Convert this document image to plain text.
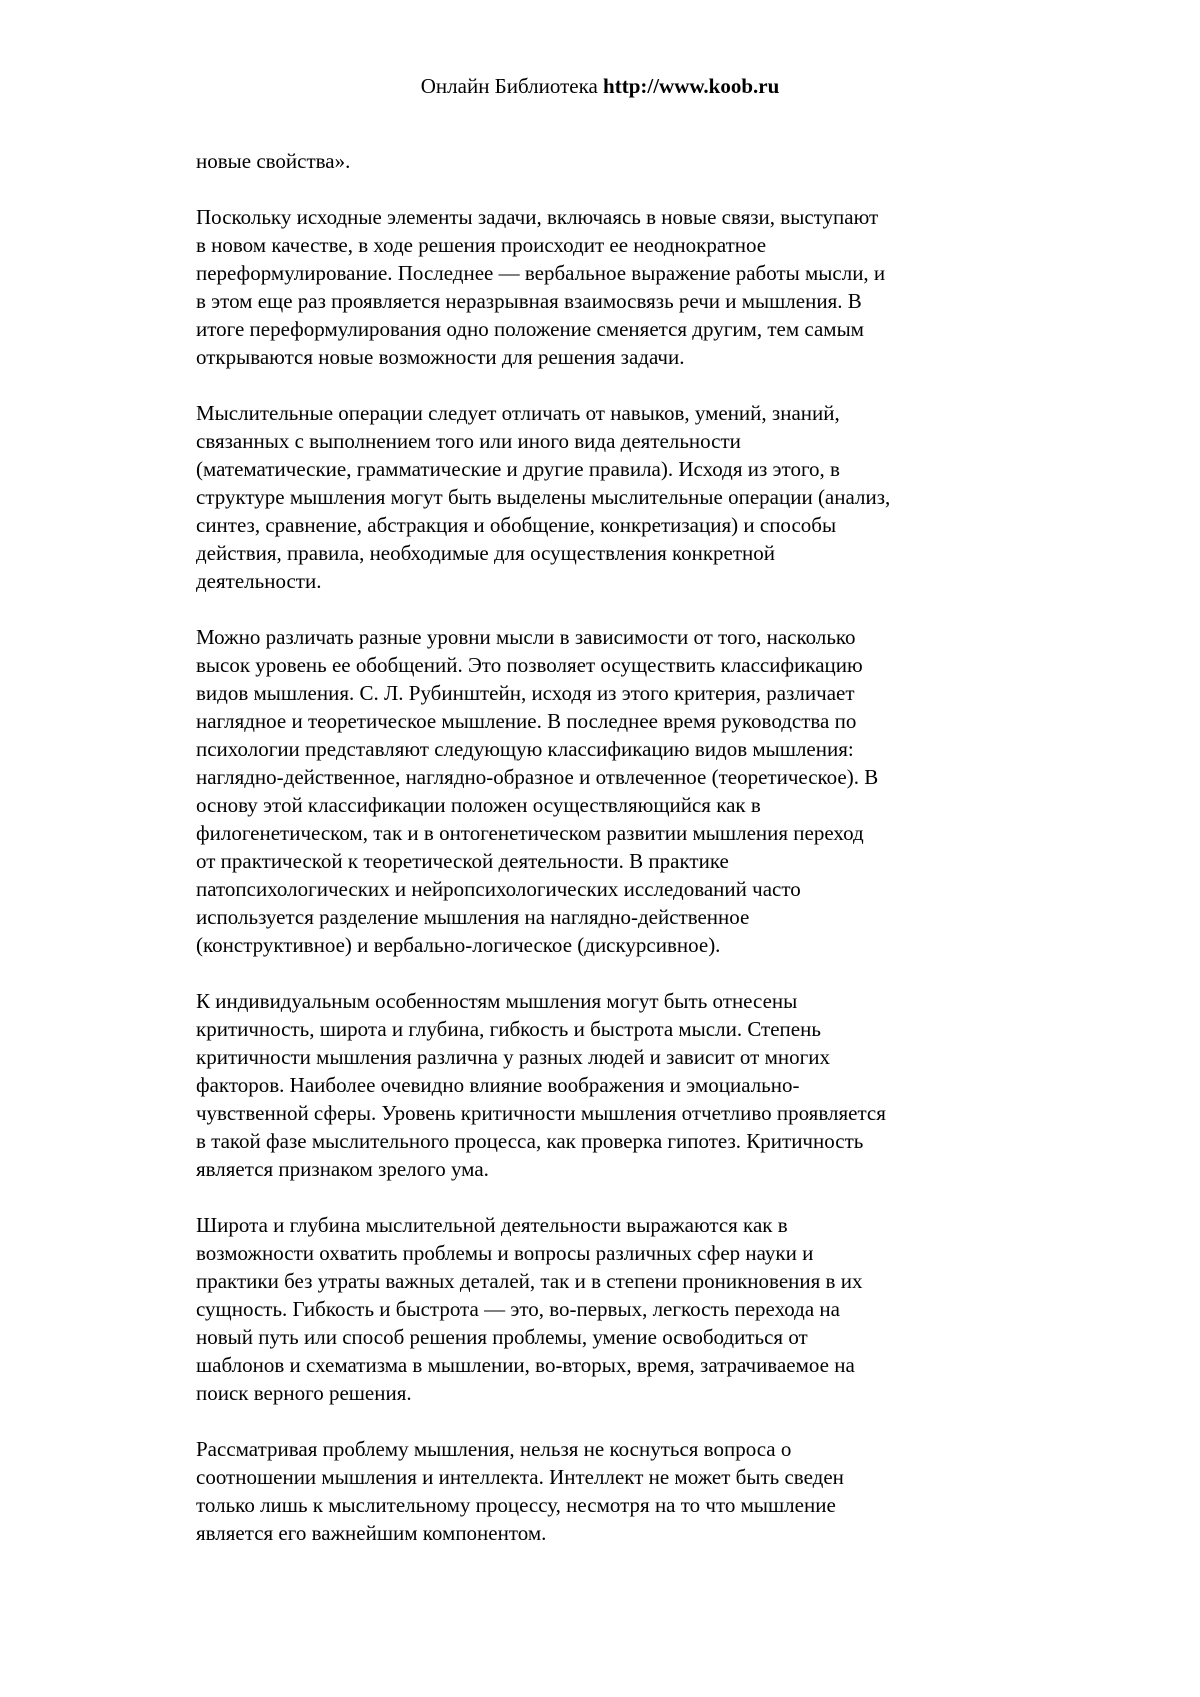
Онлайн Библиотека http://www.koob.ru
новые свойства».
Поскольку исходные элементы задачи, включаясь в новые связи, выступают
в новом качестве, в ходе решения происходит ее неоднократное
переформулирование. Последнее — вербальное выражение работы мысли, и
в этом еще раз проявляется неразрывная взаимосвязь речи и мышления. В
итоге переформулирования одно положение сменяется другим, тем самым
открываются новые возможности для решения задачи.
Мыслительные операции следует отличать от навыков, умений, знаний,
связанных с выполнением того или иного вида деятельности
(математические, грамматические и другие правила). Исходя из этого, в
структуре мышления могут быть выделены мыслительные операции (анализ,
синтез, сравнение, абстракция и обобщение, конкретизация) и способы
действия, правила, необходимые для осуществления конкретной
деятельности.
Можно различать разные уровни мысли в зависимости от того, насколько
высок уровень ее обобщений. Это позволяет осуществить классификацию
видов мышления. С. Л. Рубинштейн, исходя из этого критерия, различает
наглядное и теоретическое мышление. В последнее время руководства по
психологии представляют следующую классификацию видов мышления:
наглядно-действенное, наглядно-образное и отвлеченное (теоретическое). В
основу этой классификации положен осуществляющийся как в
филогенетическом, так и в онтогенетическом развитии мышления переход
от практической к теоретической деятельности. В практике
патопсихологических и нейропсихологических исследований часто
используется разделение мышления на наглядно-действенное
(конструктивное) и вербально-логическое (дискурсивное).
К индивидуальным особенностям мышления могут быть отнесены
критичность, широта и глубина, гибкость и быстрота мысли. Степень
критичности мышления различна у разных людей и зависит от многих
факторов. Наиболее очевидно влияние воображения и эмоциально-
чувственной сферы. Уровень критичности мышления отчетливо проявляется
в такой фазе мыслительного процесса, как проверка гипотез. Критичность
является признаком зрелого ума.
Широта и глубина мыслительной деятельности выражаются как в
возможности охватить проблемы и вопросы различных сфер науки и
практики без утраты важных деталей, так и в степени проникновения в их
сущность. Гибкость и быстрота — это, во-первых, легкость перехода на
новый путь или способ решения проблемы, умение освободиться от
шаблонов и схематизма в мышлении, во-вторых, время, затрачиваемое на
поиск верного решения.
Рассматривая проблему мышления, нельзя не коснуться вопроса о
соотношении мышления и интеллекта. Интеллект не может быть сведен
только лишь к мыслительному процессу, несмотря на то что мышление
является его важнейшим компонентом.
